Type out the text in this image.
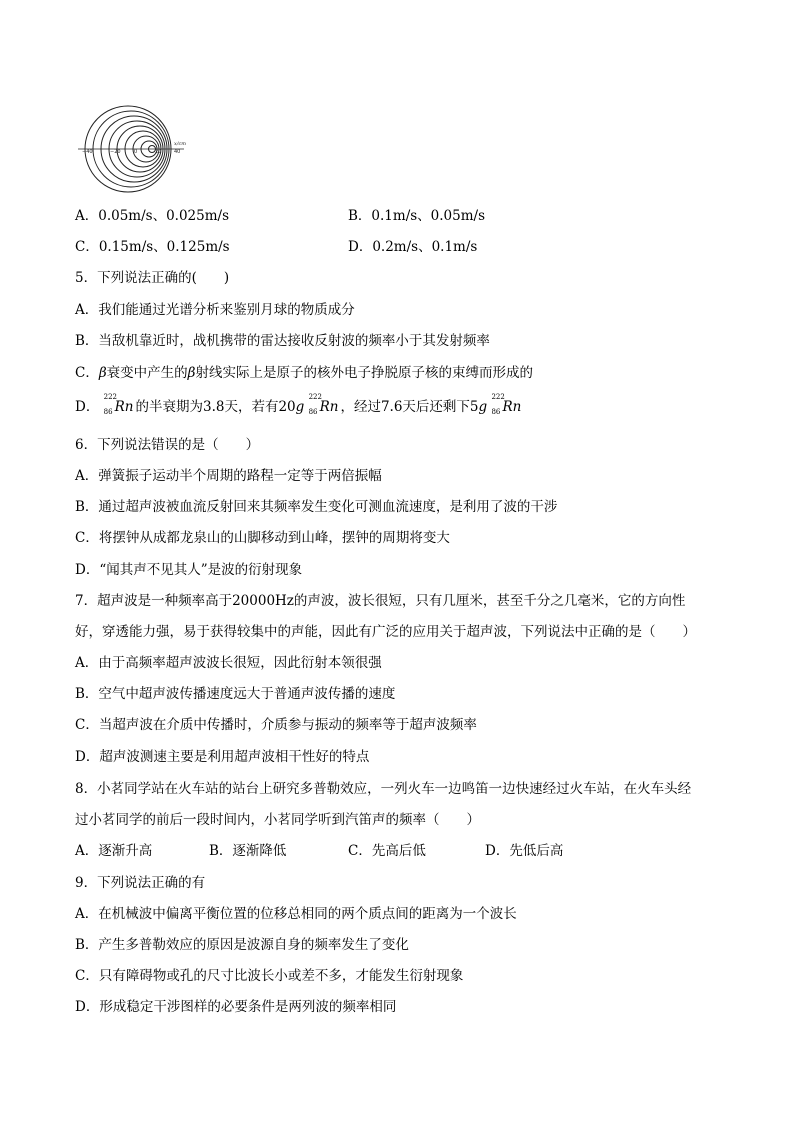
−40	−20	0	20	40
x/cm
A．0.05m/s、0.025m/s	B．0.1m/s、0.05m/s
C．0.15m/s、0.125m/s	D．0.2m/s、0.1m/s
5．下列说法正确的(　　)
A．我们能通过光谱分析来鉴别月球的物质成分
B．当敌机靠近时，战机携带的雷达接收反射波的频率小于其发射频率
C．β衰变中产生的β射线实际上是原子的核外电子挣脱原子核的束缚而形成的
D．
222
86 Rn 的半衰期为3.8天，若有20g
222
86 Rn ，经过7.6天后还剩下5g
222
86 Rn
6．下列说法错误的是（　　）
A．弹簧振子运动半个周期的路程一定等于两倍振幅
B．通过超声波被血流反射回来其频率发生变化可测血流速度，是利用了波的干涉
C．将摆钟从成都龙泉山的山脚移动到山峰，摆钟的周期将变大
D．“闻其声不见其人”是波的衍射现象
7．超声波是一种频率高于20000Hz的声波，波长很短，只有几厘米，甚至千分之几毫米，它的方向性
好，穿透能力强，易于获得较集中的声能，因此有广泛的应用关于超声波，下列说法中正确的是（　　）
A．由于高频率超声波波长很短，因此衍射本领很强
B．空气中超声波传播速度远大于普通声波传播的速度
C．当超声波在介质中传播时，介质参与振动的频率等于超声波频率
D．超声波测速主要是利用超声波相干性好的特点
8．小茗同学站在火车站的站台上研究多普勒效应，一列火车一边鸣笛一边快速经过火车站，在火车头经
过小茗同学的前后一段时间内，小茗同学听到汽笛声的频率（　　）
A．逐渐升高	B．逐渐降低	C．先高后低	D．先低后高
9．下列说法正确的有
A．在机械波中偏离平衡位置的位移总相同的两个质点间的距离为一个波长
B．产生多普勒效应的原因是波源自身的频率发生了变化
C．只有障碍物或孔的尺寸比波长小或差不多，才能发生衍射现象
D．形成稳定干涉图样的必要条件是两列波的频率相同
